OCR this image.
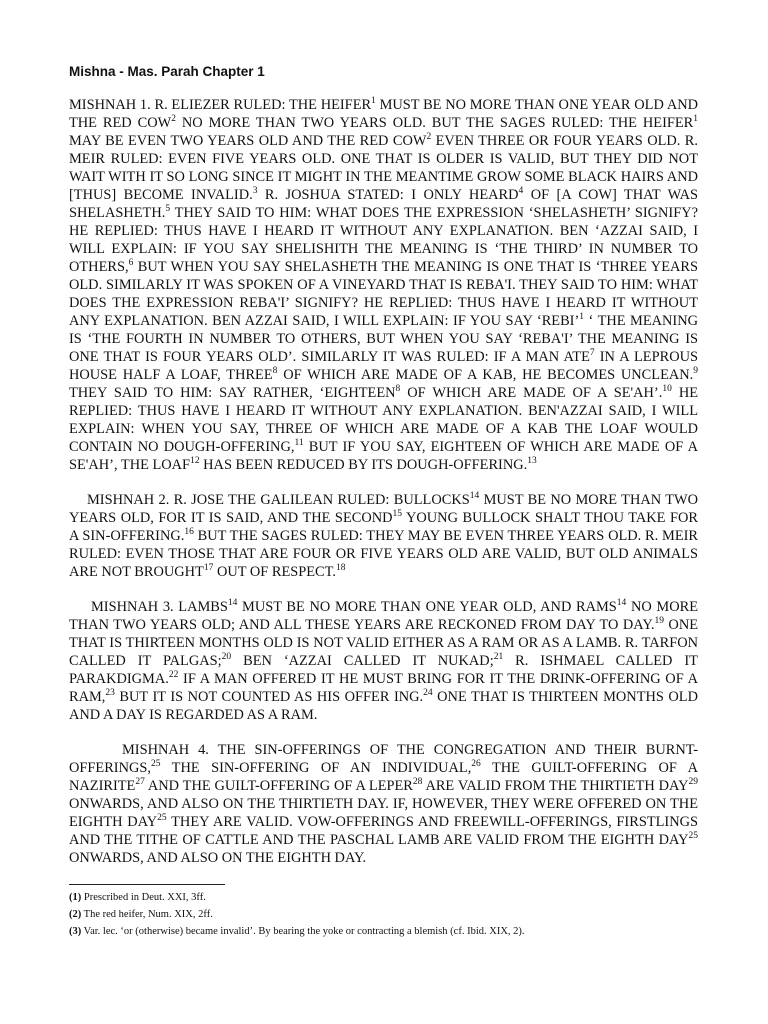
Mishna - Mas. Parah Chapter 1

MISHNAH 1. R. ELIEZER RULED: THE HEIFER$^1$ MUST BE NO MORE THAN ONE YEAR OLD AND THE RED COW$^2$ NO MORE THAN TWO YEARS OLD. BUT THE SAGES RULED: THE HEIFER$^1$ MAY BE EVEN TWO YEARS OLD AND THE RED COW$^2$ EVEN THREE OR FOUR YEARS OLD. R. MEIR RULED: EVEN FIVE YEARS OLD. ONE THAT IS OLDER IS VALID, BUT THEY DID NOT WAIT WITH IT SO LONG SINCE IT MIGHT IN THE MEANTIME GROW SOME BLACK HAIRS AND [THUS] BECOME INVALID.$^3$ R. JOSHUA STATED: I ONLY HEARD$^4$ OF [A COW] THAT WAS SHELASHETH.$^5$ THEY SAID TO HIM: WHAT DOES THE EXPRESSION ‘SHELASHETH’ SIGNIFY? HE REPLIED: THUS HAVE I HEARD IT WITHOUT ANY EXPLANATION. BEN ‘AZZAI SAID, I WILL EXPLAIN: IF YOU SAY SHELISHITH THE MEANING IS ‘THE THIRD’ IN NUMBER TO OTHERS,$^6$ BUT WHEN YOU SAY SHELASHETH THE MEANING IS ONE THAT IS ‘THREE YEARS OLD. SIMILARLY IT WAS SPOKEN OF A VINEYARD THAT IS REBA'I. THEY SAID TO HIM: WHAT DOES THE EXPRESSION REBA'I’ SIGNIFY? HE REPLIED: THUS HAVE I HEARD IT WITHOUT ANY EXPLANATION. BEN AZZAI SAID, I WILL EXPLAIN: IF YOU SAY ‘REBI’$^1$ ‘ THE MEANING IS ‘THE FOURTH IN NUMBER TO OTHERS, BUT WHEN YOU SAY ‘REBA'I’ THE MEANING IS ONE THAT IS FOUR YEARS OLD’. SIMILARLY IT WAS RULED: IF A MAN ATE$^7$ IN A LEPROUS HOUSE HALF A LOAF, THREE$^8$ OF WHICH ARE MADE OF A KAB, HE BECOMES UNCLEAN.$^9$ THEY SAID TO HIM: SAY RATHER, ‘EIGHTEEN$^8$ OF WHICH ARE MADE OF A SE'AH’.$^{10}$ HE REPLIED: THUS HAVE I HEARD IT WITHOUT ANY EXPLANATION. BEN'AZZAI SAID, I WILL EXPLAIN: WHEN YOU SAY, THREE OF WHICH ARE MADE OF A KAB THE LOAF WOULD CONTAIN NO DOUGH-OFFERING,$^{11}$ BUT IF YOU SAY, EIGHTEEN OF WHICH ARE MADE OF A SE'AH’, THE LOAF$^{12}$ HAS BEEN REDUCED BY ITS DOUGH-OFFERING.$^{13}$

MISHNAH 2. R. JOSE THE GALILEAN RULED: BULLOCKS$^{14}$ MUST BE NO MORE THAN TWO YEARS OLD, FOR IT IS SAID, AND THE SECOND$^{15}$ YOUNG BULLOCK SHALT THOU TAKE FOR A SIN-OFFERING.$^{16}$ BUT THE SAGES RULED: THEY MAY BE EVEN THREE YEARS OLD. R. MEIR RULED: EVEN THOSE THAT ARE FOUR OR FIVE YEARS OLD ARE VALID, BUT OLD ANIMALS ARE NOT BROUGHT$^{17}$ OUT OF RESPECT.$^{18}$

MISHNAH 3. LAMBS$^{14}$ MUST BE NO MORE THAN ONE YEAR OLD, AND RAMS$^{14}$ NO MORE THAN TWO YEARS OLD; AND ALL THESE YEARS ARE RECKONED FROM DAY TO DAY.$^{19}$ ONE THAT IS THIRTEEN MONTHS OLD IS NOT VALID EITHER AS A RAM OR AS A LAMB. R. TARFON CALLED IT PALGAS;$^{20}$ BEN ‘AZZAI CALLED IT NUKAD;$^{21}$ R. ISHMAEL CALLED IT PARAKDIGMA.$^{22}$ IF A MAN OFFERED IT HE MUST BRING FOR IT THE DRINK-OFFERING OF A RAM,$^{23}$ BUT IT IS NOT COUNTED AS HIS OFFER ING.$^{24}$ ONE THAT IS THIRTEEN MONTHS OLD AND A DAY IS REGARDED AS A RAM.

MISHNAH 4. THE SIN-OFFERINGS OF THE CONGREGATION AND THEIR BURNT-OFFERINGS,$^{25}$ THE SIN-OFFERING OF AN INDIVIDUAL,$^{26}$ THE GUILT-OFFERING OF A NAZIRITE$^{27}$ AND THE GUILT-OFFERING OF A LEPER$^{28}$ ARE VALID FROM THE THIRTIETH DAY$^{29}$ ONWARDS, AND ALSO ON THE THIRTIETH DAY. IF, HOWEVER, THEY WERE OFFERED ON THE EIGHTH DAY$^{25}$ THEY ARE VALID. VOW-OFFERINGS AND FREEWILL-OFFERINGS, FIRSTLINGS AND THE TITHE OF CATTLE AND THE PASCHAL LAMB ARE VALID FROM THE EIGHTH DAY$^{25}$ ONWARDS, AND ALSO ON THE EIGHTH DAY.

(1) Prescribed in Deut. XXI, 3ff.
(2) The red heifer, Num. XIX, 2ff.
(3) Var. lec. ‘or (otherwise) became invalid’. By bearing the yoke or contracting a blemish (cf. Ibid. XIX, 2).
